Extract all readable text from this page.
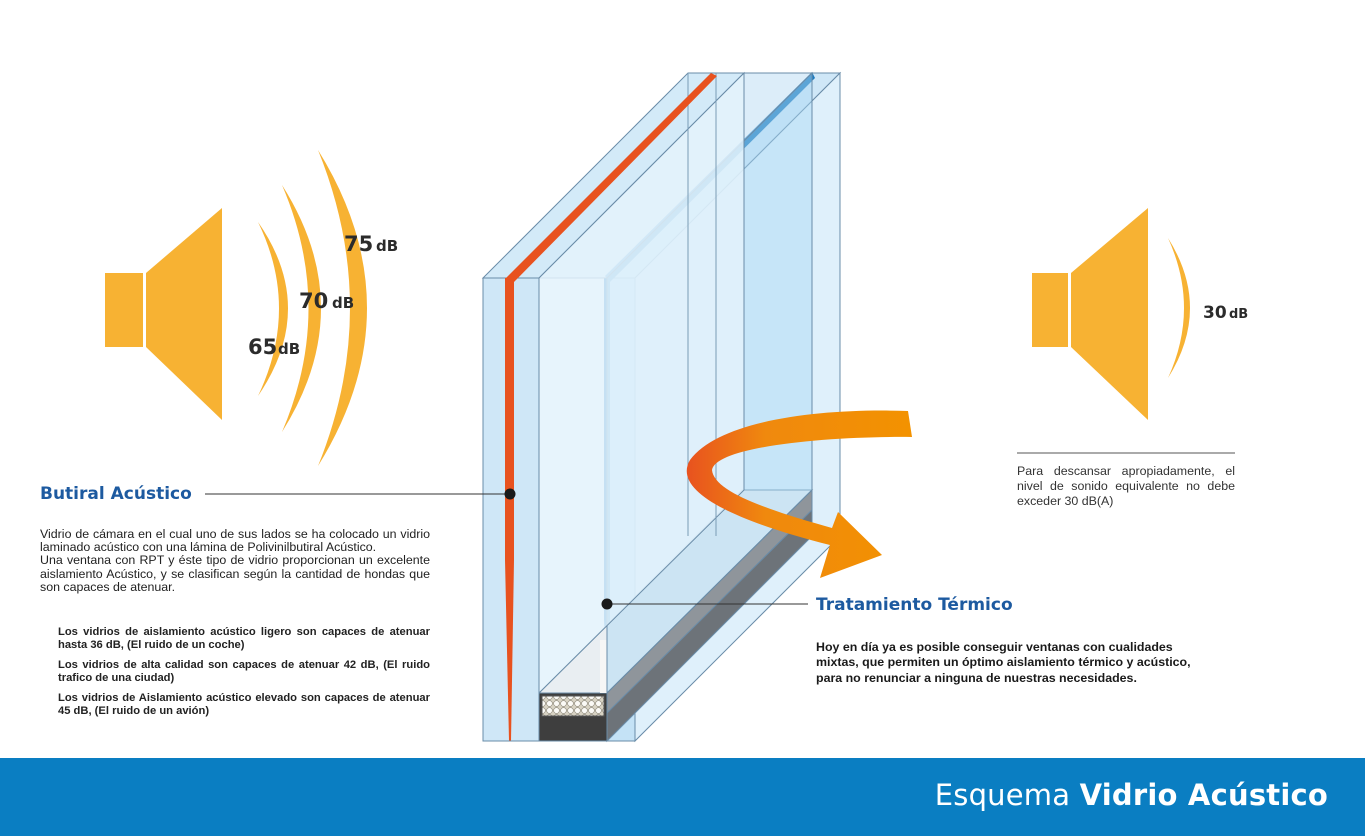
65 dB
70 dB
75 dB
30 dB
Butiral Acústico

Vidrio de cámara en el cual uno de sus lados se ha colocado un vidrio laminado acústico con una lámina de Polivinilbutiral Acústico.

Una ventana con RPT y éste tipo de vidrio proporcionan un excelente aislamiento Acústico, y se clasifican según la cantidad de hondas que son capaces de atenuar.

Los vidrios de aislamiento acústico ligero son capaces de atenuar hasta 36 dB, (El ruido de un coche)
Los vidrios de alta calidad son capaces de atenuar 42 dB, (El ruido trafico de una ciudad)
Los vidrios de Aislamiento acústico elevado son capaces de atenuar 45 dB, (El ruido de un avión)
Tratamiento Térmico

Hoy en día ya es posible conseguir ventanas con cualidades mixtas, que permiten un óptimo aislamiento térmico y acústico, para no renunciar a ninguna de nuestras necesidades.

Para descansar apropiadamente, el nivel de sonido equivalente no debe exceder 30 dB(A)

Esquema Vidrio Acústico
